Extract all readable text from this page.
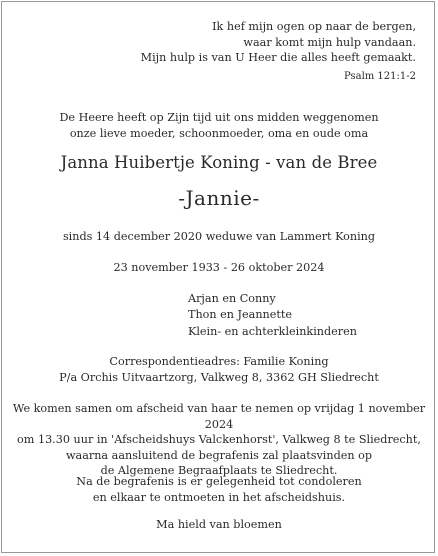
Ik hef mijn ogen op naar de bergen,
waar komt mijn hulp vandaan.
Mijn hulp is van U Heer die alles heeft gemaakt.
Psalm 121:1-2
De Heere heeft op Zijn tijd uit ons midden weggenomen
onze lieve moeder, schoonmoeder, oma en oude oma
Janna Huibertje Koning - van de Bree
-Jannie-
sinds 14 december 2020 weduwe van Lammert Koning
23 november 1933 - 26 oktober 2024
Arjan en Conny
Thon en Jeannette
Klein- en achterkleinkinderen
Correspondentieadres: Familie Koning
P/a Orchis Uitvaartzorg, Valkweg 8, 3362 GH Sliedrecht
We komen samen om afscheid van haar te nemen op vrijdag 1 november 2024
om 13.30 uur in 'Afscheidshuys Valckenhorst', Valkweg 8 te Sliedrecht,
waarna aansluitend de begrafenis zal plaatsvinden op
de Algemene Begraafplaats te Sliedrecht.
Na de begrafenis is er gelegenheid tot condoleren
en elkaar te ontmoeten in het afscheidshuis.
Ma hield van bloemen
